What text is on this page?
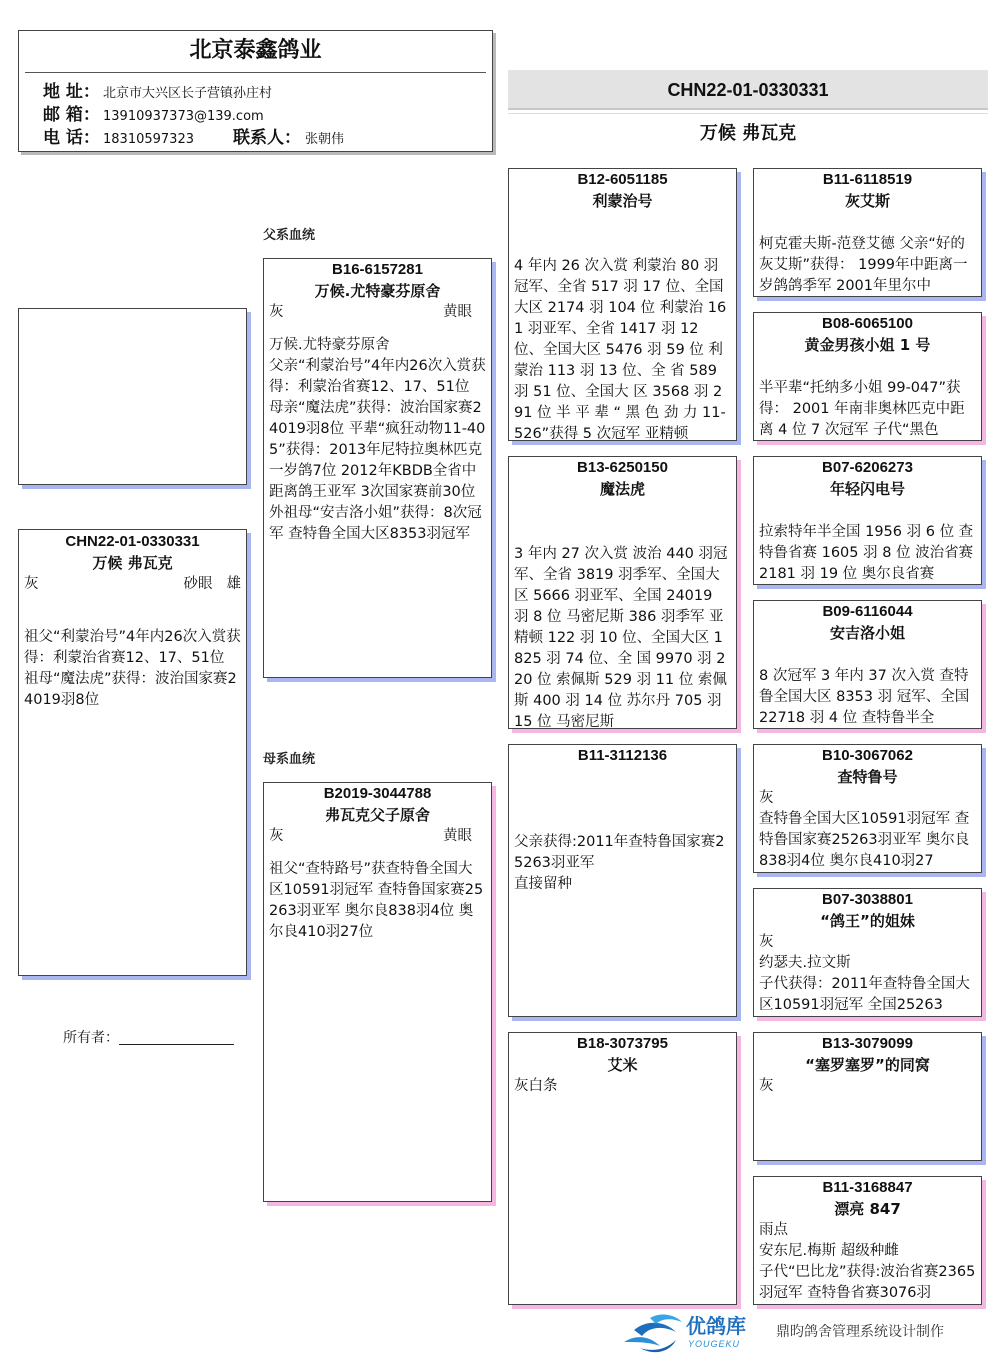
北京泰鑫鸽业
地 址： 北京市大兴区长子营镇孙庄村
邮 箱： 13910937373@139.com
电 话： 18310597323 联系人： 张朝伟
CHN22-01-0330331
万候 弗瓦克
CHN22-01-0330331
万候 弗瓦克
灰	砂眼 雄
祖父“利蒙治号”4年内26次入赏获得：利蒙治省赛12、17、51位 祖母“魔法虎”获得：波治国家赛24019羽8位
所有者：
父系血统
母系血统
B16-6157281
万候.尤特豪芬原舍
灰	黄眼
万候.尤特豪芬原舍
父亲“利蒙治号”4年内26次入赏获得：利蒙治省赛12、17、51位 母亲“魔法虎”获得：波治国家赛24019羽8位 平辈“疯狂动物11-405”获得：2013年尼特拉奥林匹克一岁鸽7位 2012年KBDB全省中距离鸽王亚军 3次国家赛前30位 外祖母“安吉洛小姐”获得：8次冠军 查特鲁全国大区8353羽冠军
B2019-3044788
弗瓦克父子原舍
灰	黄眼
祖父“查特路号”获查特鲁全国大区10591羽冠军 查特鲁国家赛25263羽亚军 奥尔良838羽4位 奥尔良410羽27位
B12-6051185
利蒙治号
4 年内 26 次入赏 利蒙治 80 羽冠军、全省 517 羽 17 位、全国大区 2174 羽 104 位 利蒙治 161 羽亚军、全省 1417 羽 12 位、全国大区 5476 羽 59 位 利蒙治 113 羽 13 位、全 省 589 羽 51 位、全国大 区 3568 羽 291 位 半 平 辈 “ 黑 色 劲 力 11-526”获得 5 次冠军 亚精顿
B13-6250150
魔法虎
3 年内 27 次入赏 波治 440 羽冠军、全省 3819 羽季军、全国大区 5666 羽亚军、全国 24019 羽 8 位 马密尼斯 386 羽季军 亚精顿 122 羽 10 位、全国大区 1825 羽 74 位、全 国 9970 羽 220 位 索佩斯 529 羽 11 位 索佩斯 400 羽 14 位 苏尔丹 705 羽 15 位 马密尼斯
B11-3112136
父亲获得:2011年查特鲁国家赛25263羽亚军
直接留种
B18-3073795
艾米
灰白条
B11-6118519
灰艾斯
柯克霍夫斯-范登艾德 父亲“好的灰艾斯”获得： 1999年中距离一岁鸽鸽季军 2001年里尔中
B08-6065100
黄金男孩小姐 1 号
半平辈“托纳多小姐 99-047”获得： 2001 年南非奥林匹克中距离 4 位 7 次冠军 子代“黑色
B07-6206273
年轻闪电号
拉索特年半全国 1956 羽 6 位 查特鲁省赛 1605 羽 8 位 波治省赛 2181 羽 19 位 奥尔良省赛
B09-6116044
安吉洛小姐
8 次冠军 3 年内 37 次入赏 查特鲁全国大区 8353 羽 冠军、全国 22718 羽 4 位 查特鲁半全
B10-3067062
查特鲁号
灰
查特鲁全国大区10591羽冠军 查特鲁国家赛25263羽亚军 奥尔良838羽4位 奥尔良410羽27
B07-3038801
“鸽王”的姐妹
灰
约瑟夫.拉文斯
子代获得：2011年查特鲁全国大区10591羽冠军 全国25263
B13-3079099
“塞罗塞罗”的同窝
灰
B11-3168847
漂亮 847
雨点
安东尼.梅斯 超级种雌
子代“巴比龙”获得:波治省赛2365羽冠军 查特鲁省赛3076羽
优鸽库
YOUGEKU
鼎昀鸽舍管理系统设计制作
